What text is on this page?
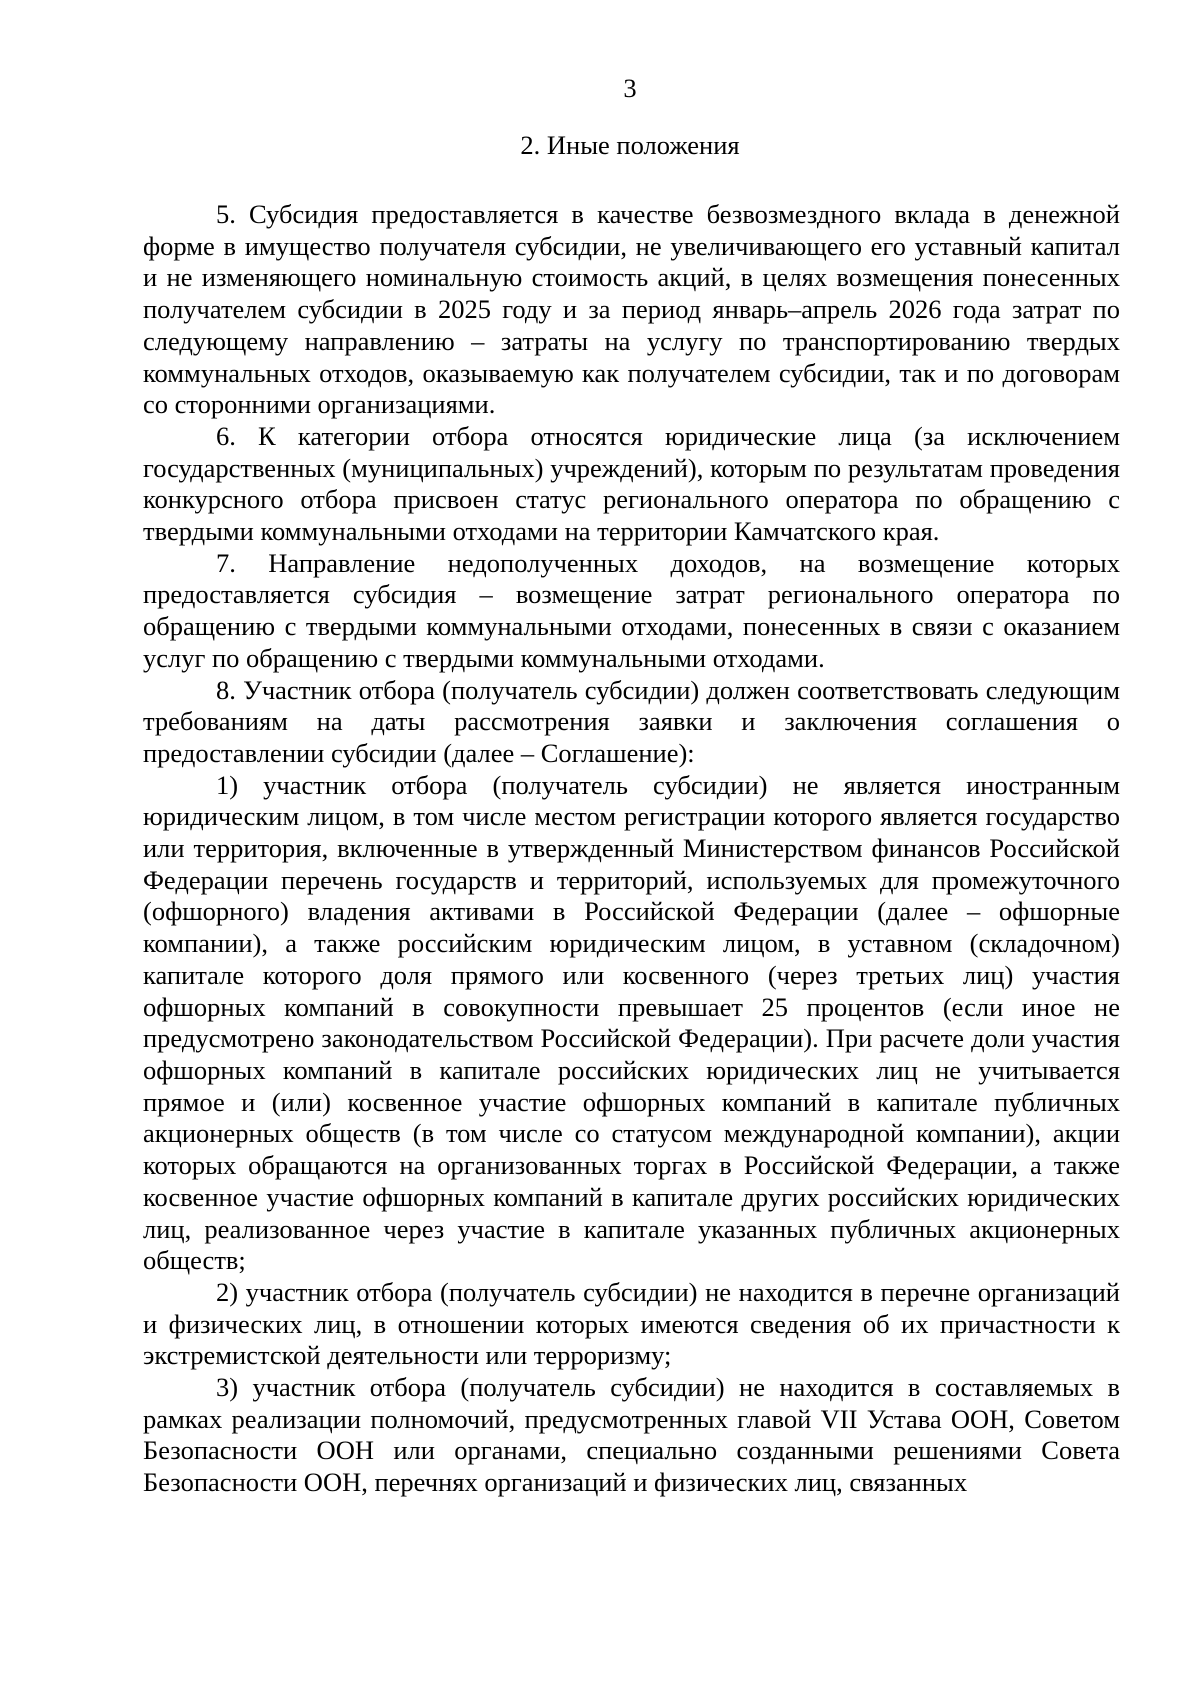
3
2. Иные положения

5. Субсидия предоставляется в качестве безвозмездного вклада в денежной форме в имущество получателя субсидии, не увеличивающего его уставный капитал и не изменяющего номинальную стоимость акций, в целях возмещения понесенных получателем субсидии в 2025 году и за период январь–апрель 2026 года затрат по следующему направлению – затраты на услугу по транспортированию твердых коммунальных отходов, оказываемую как получателем субсидии, так и по договорам со сторонними организациями.

6. К категории отбора относятся юридические лица (за исключением государственных (муниципальных) учреждений), которым по результатам проведения конкурсного отбора присвоен статус регионального оператора по обращению с твердыми коммунальными отходами на территории Камчатского края.

7. Направление недополученных доходов, на возмещение которых предоставляется субсидия – возмещение затрат регионального оператора по обращению с твердыми коммунальными отходами, понесенных в связи с оказанием услуг по обращению с твердыми коммунальными отходами.

8. Участник отбора (получатель субсидии) должен соответствовать следующим требованиям на даты рассмотрения заявки и заключения соглашения о предоставлении субсидии (далее – Соглашение):

1) участник отбора (получатель субсидии) не является иностранным юридическим лицом, в том числе местом регистрации которого является государство или территория, включенные в утвержденный Министерством финансов Российской Федерации перечень государств и территорий, используемых для промежуточного (офшорного) владения активами в Российской Федерации (далее – офшорные компании), а также российским юридическим лицом, в уставном (складочном) капитале которого доля прямого или косвенного (через третьих лиц) участия офшорных компаний в совокупности превышает 25 процентов (если иное не предусмотрено законодательством Российской Федерации). При расчете доли участия офшорных компаний в капитале российских юридических лиц не учитывается прямое и (или) косвенное участие офшорных компаний в капитале публичных акционерных обществ (в том числе со статусом международной компании), акции которых обращаются на организованных торгах в Российской Федерации, а также косвенное участие офшорных компаний в капитале других российских юридических лиц, реализованное через участие в капитале указанных публичных акционерных обществ;

2) участник отбора (получатель субсидии) не находится в перечне организаций и физических лиц, в отношении которых имеются сведения об их причастности к экстремистской деятельности или терроризму;

3) участник отбора (получатель субсидии) не находится в составляемых в рамках реализации полномочий, предусмотренных главой VII Устава ООН, Советом Безопасности ООН или органами, специально созданными решениями Совета Безопасности ООН, перечнях организаций и физических лиц, связанных
